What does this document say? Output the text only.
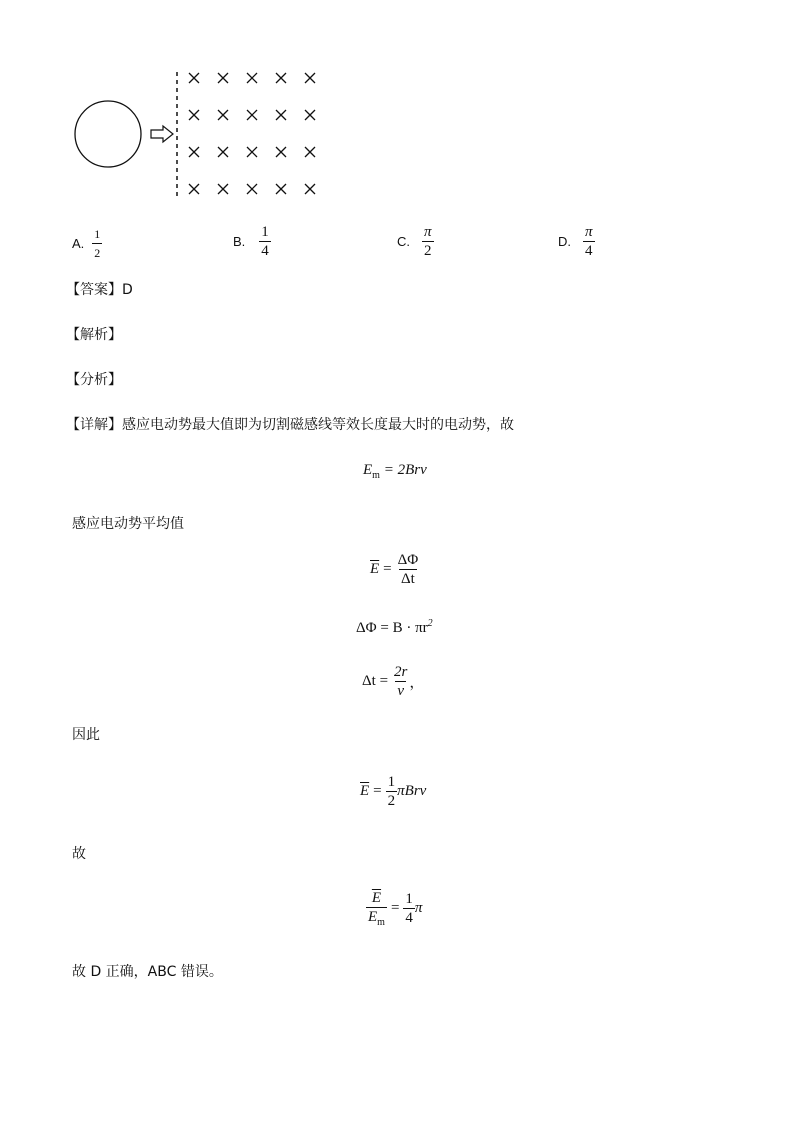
A. $\frac{1}{2}$	B. $\frac{1}{4}$	C. $\frac{\pi}{2}$	D. $\frac{\pi}{4}$
【答案】D
【解析】
【分析】
【详解】感应电动势最大值即为切割磁感线等效长度最大时的电动势，故
$E_m = 2Brv$
感应电动势平均值
$\overline{E} = \frac{\Delta\Phi}{\Delta t}$
$\Delta\Phi = B \cdot \pi r^2$
$\Delta t = \frac{2r}{v}$ ，
因此
$\overline{E} = \frac{1}{2}$ πBrv
故
$\frac{\overline{E}}{E_m} = \frac{1}{4}$ π
故 D 正确，ABC 错误。
